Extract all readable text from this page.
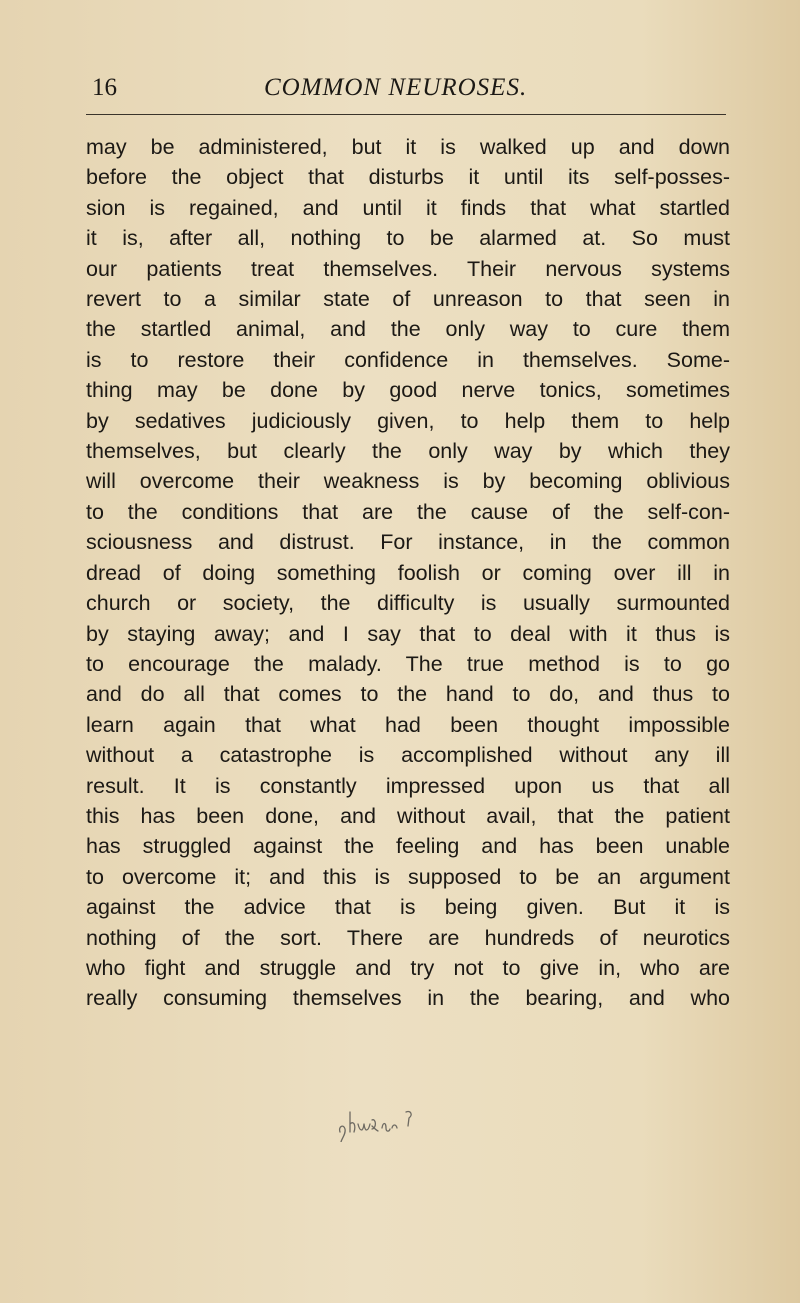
16	COMMON NEUROSES.
may be administered, but it is walked up and down
before the object that disturbs it until its self-posses-
sion is regained, and until it finds that what startled
it is, after all, nothing to be alarmed at. So must
our patients treat themselves. Their nervous systems
revert to a similar state of unreason to that seen in
the startled animal, and the only way to cure them
is to restore their confidence in themselves. Some-
thing may be done by good nerve tonics, sometimes
by sedatives judiciously given, to help them to help
themselves, but clearly the only way by which they
will overcome their weakness is by becoming oblivious
to the conditions that are the cause of the self-con-
sciousness and distrust. For instance, in the common
dread of doing something foolish or coming over ill in
church or society, the difficulty is usually surmounted
by staying away; and I say that to deal with it thus is
to encourage the malady. The true method is to go
and do all that comes to the hand to do, and thus to
learn again that what had been thought impossible
without a catastrophe is accomplished without any ill
result. It is constantly impressed upon us that all
this has been done, and without avail, that the patient
has struggled against the feeling and has been unable
to overcome it; and this is supposed to be an argument
against the advice that is being given. But it is
nothing of the sort. There are hundreds of neurotics
who fight and struggle and try not to give in, who are
really consuming themselves in the bearing, and who
